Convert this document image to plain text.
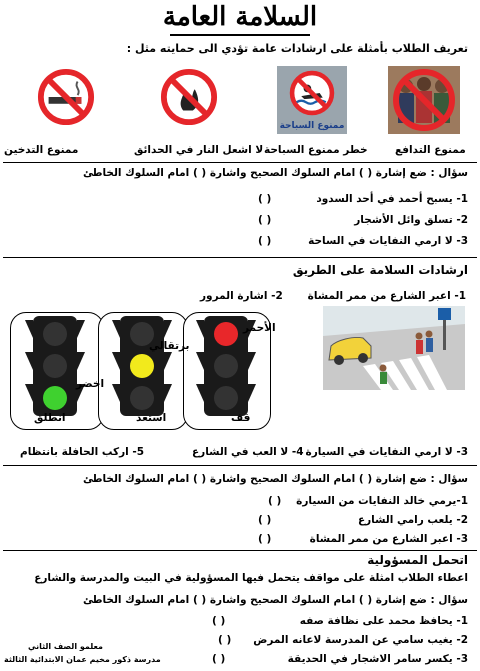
السلامة العامة
تعريف الطلاب بأمثلة على ارشادات عامة تؤدي الى حمايته مثل :
ممنوع السباحة
ممنوع التدخين	لا اشعل النار في الحدائق خطر ممنوع السباحة	ممنوع التدافع
سؤال : ضع إشارة ( ) امام السلوك الصحيح واشارة ( ) امام السلوك الخاطئ
1- يسبح أحمد في أحد السدود
( )
2- تسلق وائل الأشجار
( )
3- لا ارمي النفايات في الساحة
( )
ارشادات السلامة على الطريق
1- اعبر الشارع من ممر المشاة
2- اشارة المرور
الأحمر
برتقالي
اخضر
قف
استعد
انطلق
3- لا ارمي النفايات في السيارة
4- لا العب في الشارع
5- اركب الحافلة بانتظام
سؤال : ضع إشارة ( ) امام السلوك الصحيح واشارة ( ) امام السلوك الخاطئ
1-يرمي خالد النفايات من السيارة
( )
2- يلعب رامي الشارع
( )
3- اعبر الشارع من ممر المشاة
( )
اتحمل المسؤولية
اعطاء الطلاب امثلة على مواقف يتحمل فيها المسؤولية في البيت والمدرسة والشارع
سؤال : ضع إشارة ( ) امام السلوك الصحيح واشارة ( ) امام السلوك الخاطئ
1- يحافظ محمد على نظافة صفه
( )
2- يغيب سامي عن المدرسة لاعانه المرض
( )
3- يكسر سامر الاشجار في الحديقة
( )
معلمو الصف الثاني
مدرسة ذكور مخيم عمان الابتدائية الثالثة
